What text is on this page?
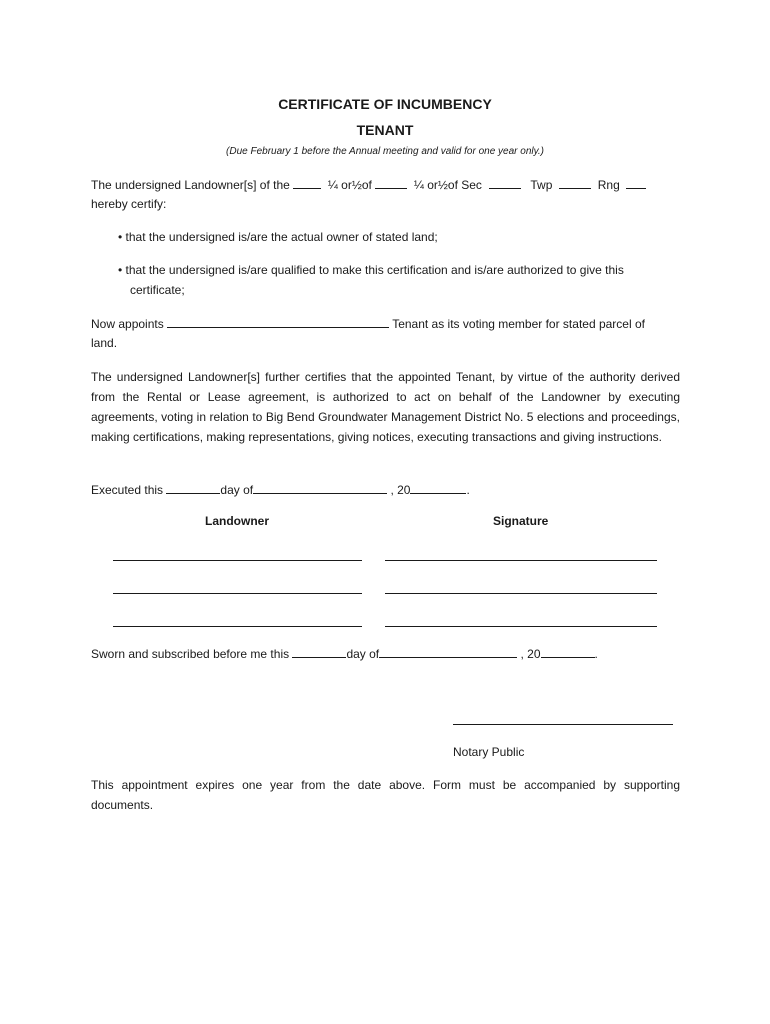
CERTIFICATE OF INCUMBENCY
TENANT
(Due February 1 before the Annual meeting and valid for one year only.)
The undersigned Landowner[s] of the	¼ or½of	¼ or½of Sec	Twp	Rng
hereby certify:
• that the undersigned is/are the actual owner of stated land;
• that the undersigned is/are qualified to make this certification and is/are authorized to give this
certificate;
Now appoints	Tenant as its voting member for stated parcel of
land.
The undersigned Landowner[s] further certifies that the appointed Tenant, by virtue of the authority derived from the Rental or Lease agreement, is authorized to act on behalf of the Landowner by executing agreements, voting in relation to Big Bend Groundwater Management District No. 5 elections and proceedings, making certifications, making representations, giving notices, executing transactions and giving instructions.
Executed this	day of	, 20	.
Landowner	Signature
Sworn and subscribed before me this	day of	, 20	.
Notary Public
This appointment expires one year from the date above. Form must be accompanied by supporting documents.
